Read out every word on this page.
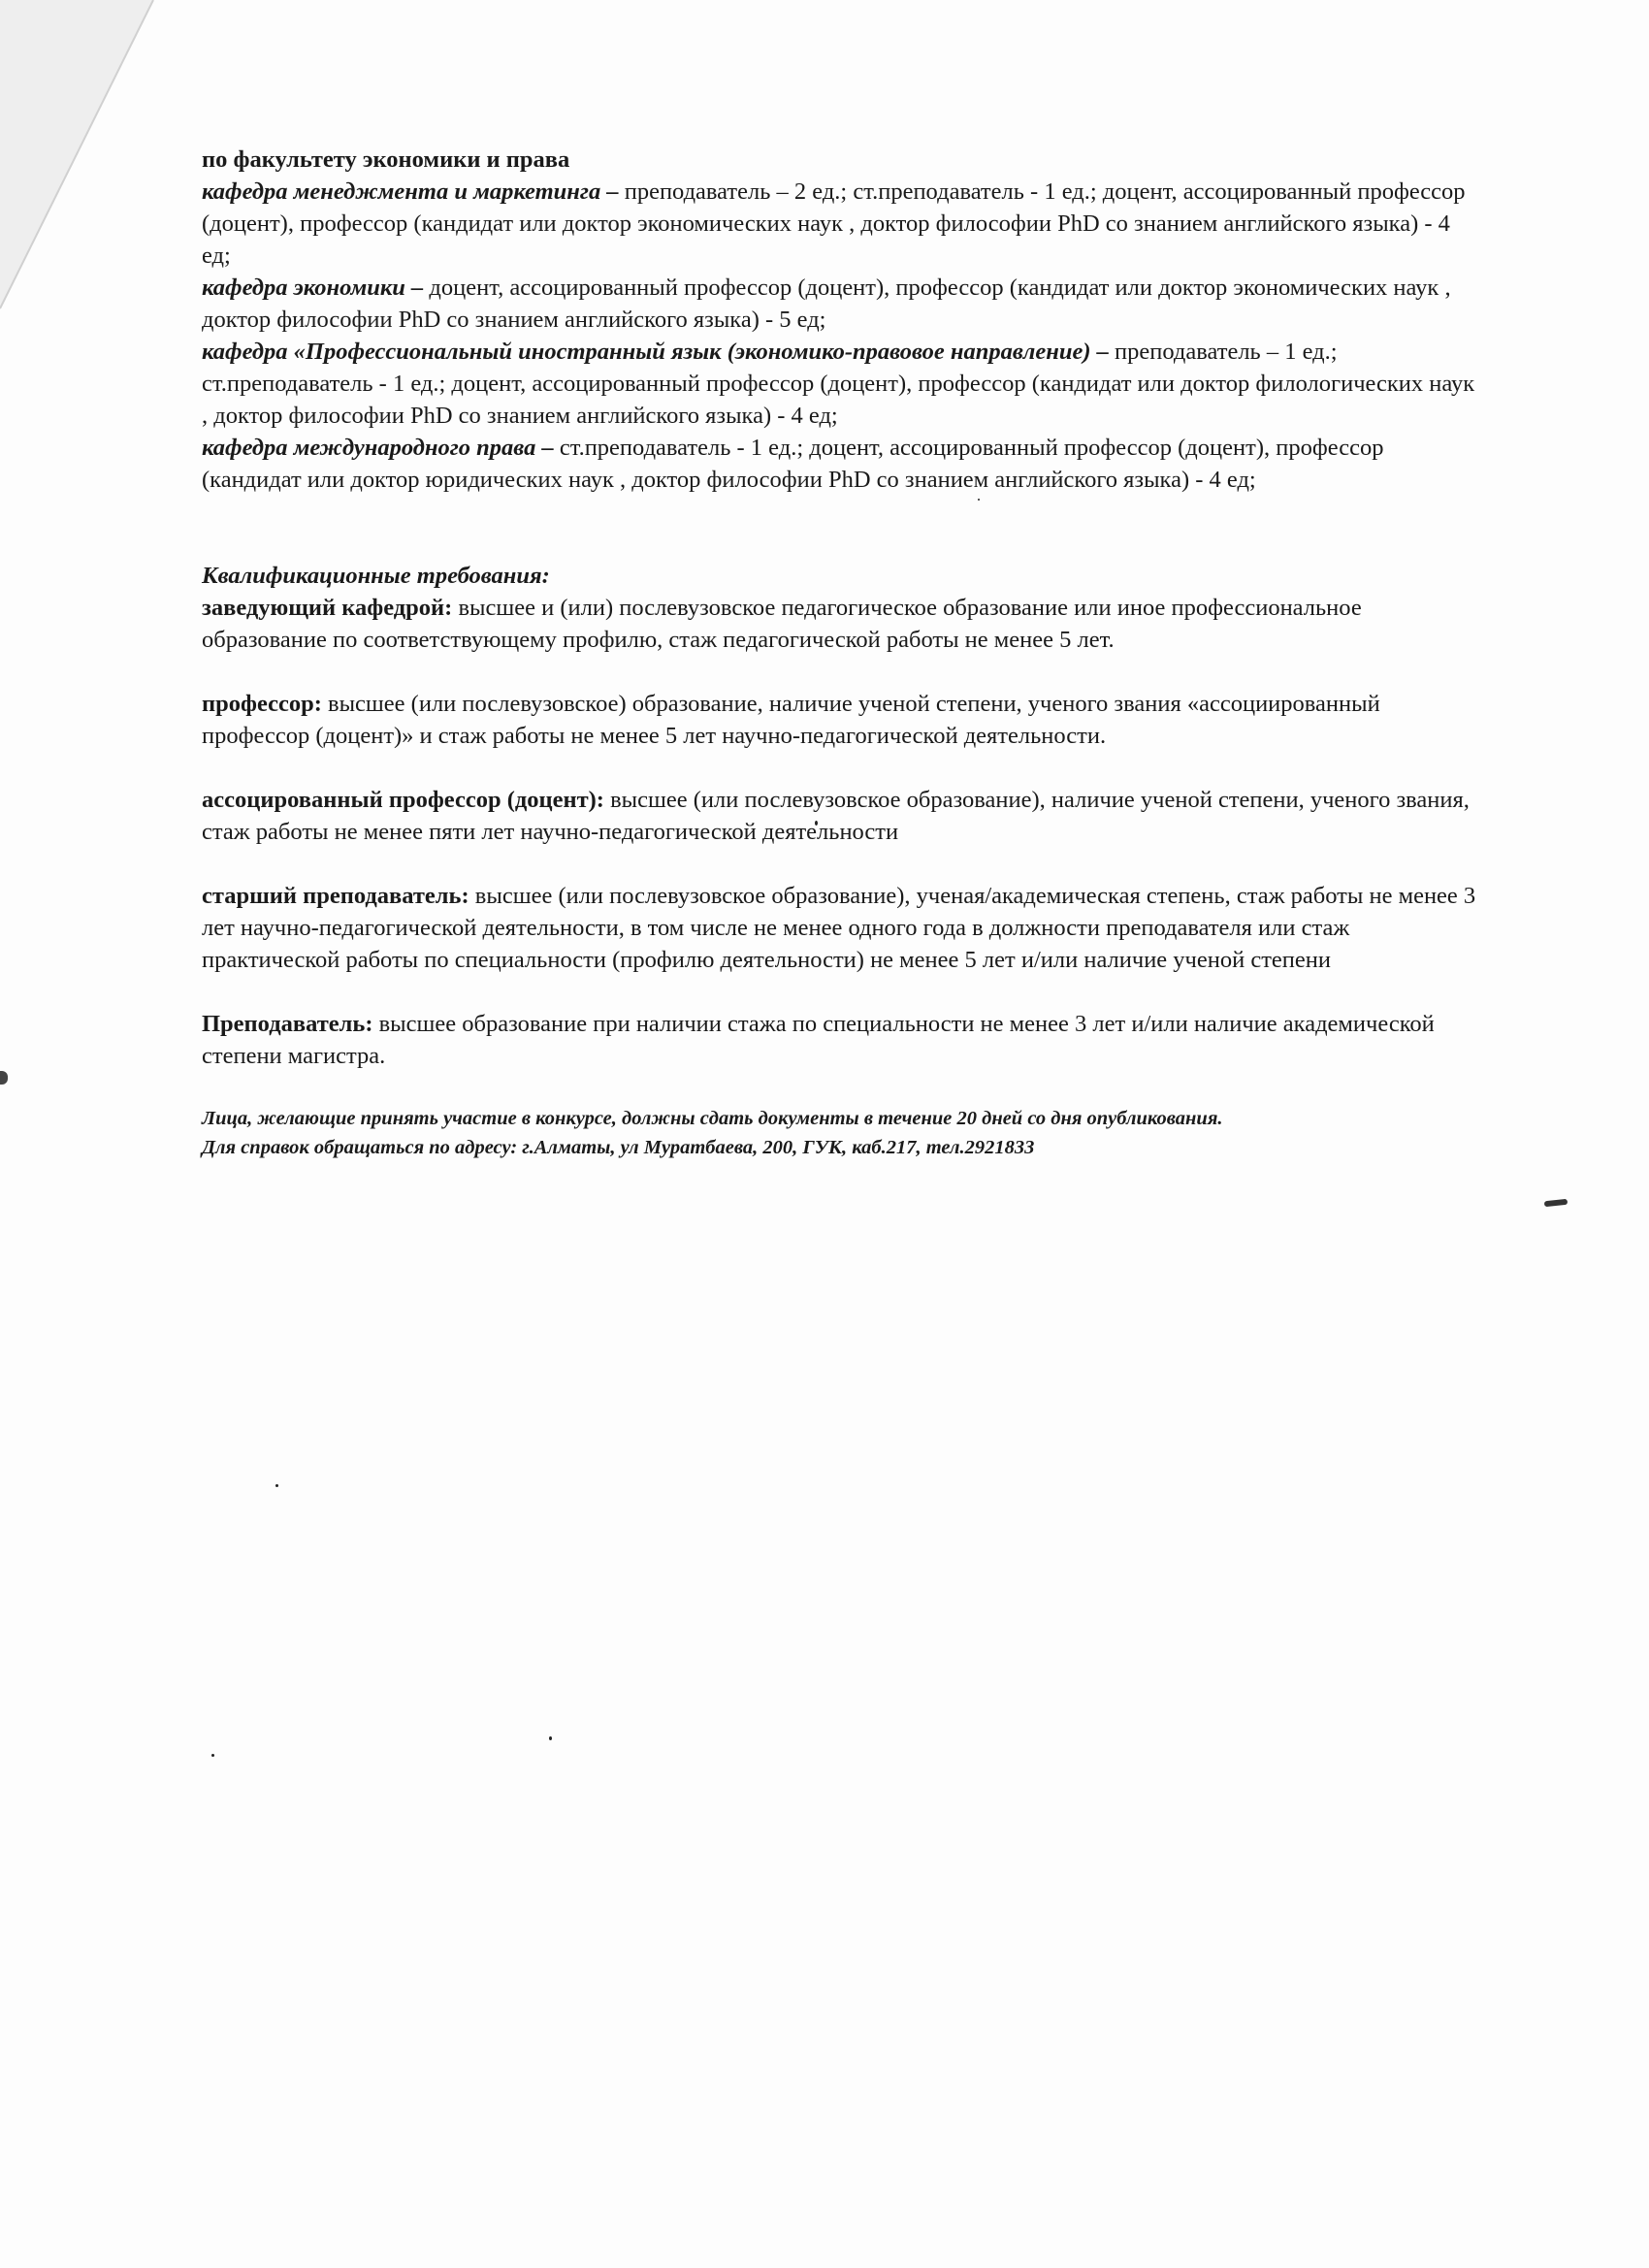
по факультету экономики и права

кафедра менеджмента и маркетинга – преподаватель – 2 ед.; ст.преподаватель - 1 ед.; доцент, ассоцированный профессор (доцент), профессор (кандидат или доктор экономических наук , доктор философии PhD со знанием английского языка) - 4 ед;

кафедра экономики – доцент, ассоцированный профессор (доцент), профессор (кандидат или доктор экономических наук , доктор философии PhD со знанием английского языка) - 5 ед;

кафедра «Профессиональный иностранный язык (экономико-правовое направление) – преподаватель – 1 ед.; ст.преподаватель - 1 ед.; доцент, ассоцированный профессор (доцент), профессор (кандидат или доктор филологических наук , доктор философии PhD со знанием английского языка) - 4 ед;

кафедра международного права – ст.преподаватель - 1 ед.; доцент, ассоцированный профессор (доцент), профессор (кандидат или доктор юридических наук , доктор философии PhD со знанием английского языка) - 4 ед;

Квалификационные требования:

заведующий кафедрой: высшее и (или) послевузовское педагогическое образование или иное профессиональное образование по соответствующему профилю, стаж педагогической работы не менее 5 лет.

профессор: высшее (или послевузовское) образование, наличие ученой степени, ученого звания «ассоциированный профессор (доцент)» и стаж работы не менее 5 лет научно-педагогической деятельности.

ассоцированный профессор (доцент): высшее (или послевузовское образование), наличие ученой степени, ученого звания, стаж работы не менее пяти лет научно-педагогической деятельности

старший преподаватель: высшее (или послевузовское образование), ученая/академическая степень, стаж работы не менее 3 лет научно-педагогической деятельности, в том числе не менее одного года в должности преподавателя или стаж практической работы по специальности (профилю деятельности) не менее 5 лет и/или наличие ученой степени

Преподаватель: высшее образование при наличии стажа по специальности не менее 3 лет и/или наличие академической степени магистра.

Лица, желающие принять участие в конкурсе, должны сдать документы в течение 20 дней со дня опубликования.

Для справок обращаться по адресу: г.Алматы, ул Муратбаева, 200, ГУК, каб.217, тел.2921833
